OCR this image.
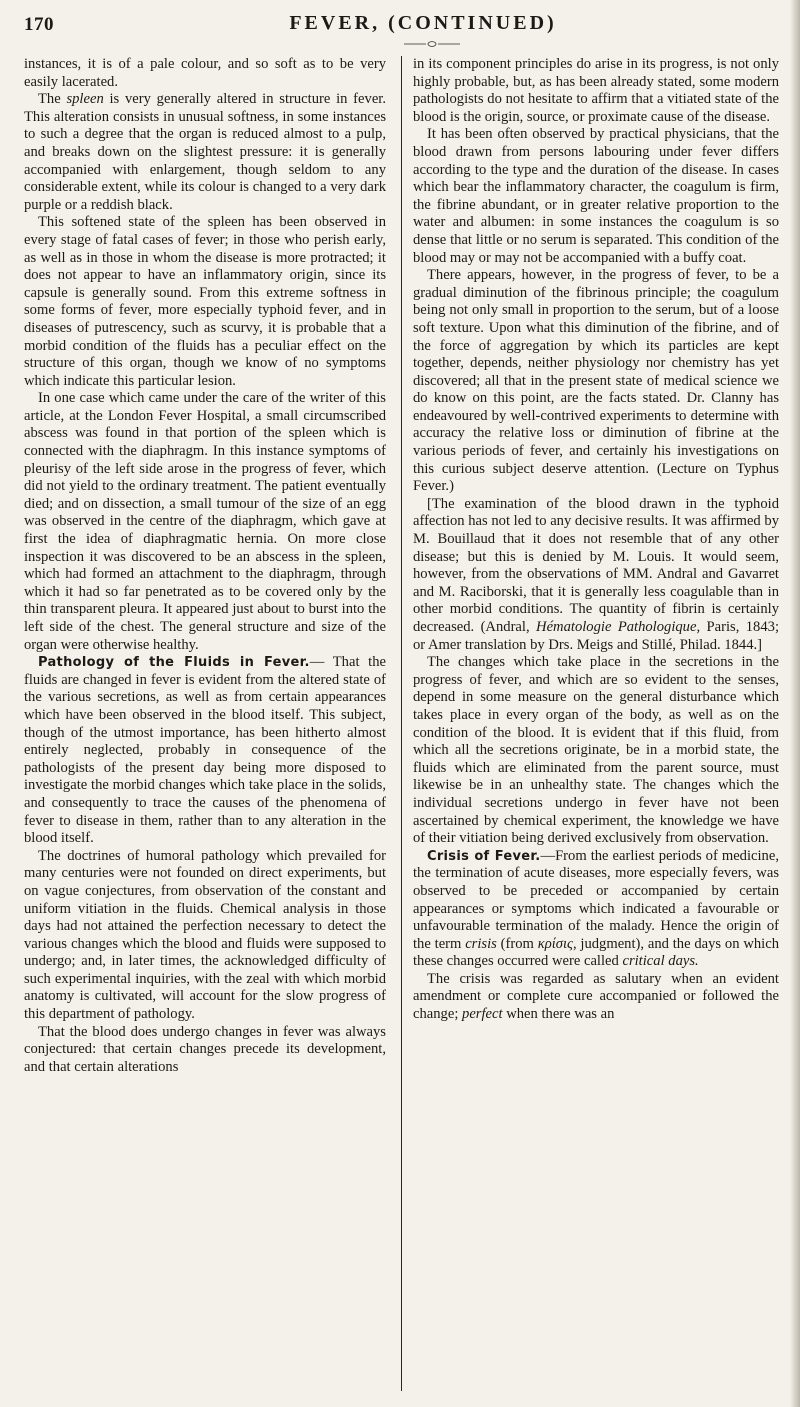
170	FEVER, (CONTINUED)

instances, it is of a pale colour, and so soft as to be very easily lacerated.

The spleen is very generally altered in structure in fever. This alteration consists in unusual softness, in some instances to such a degree that the organ is reduced almost to a pulp, and breaks down on the slightest pressure: it is generally accompanied with enlargement, though seldom to any considerable extent, while its colour is changed to a very dark purple or a reddish black.

This softened state of the spleen has been observed in every stage of fatal cases of fever; in those who perish early, as well as in those in whom the disease is more protracted; it does not appear to have an inflammatory origin, since its capsule is generally sound. From this extreme softness in some forms of fever, more especially typhoid fever, and in diseases of putrescency, such as scurvy, it is probable that a morbid condition of the fluids has a peculiar effect on the structure of this organ, though we know of no symptoms which indicate this particular lesion.

In one case which came under the care of the writer of this article, at the London Fever Hospital, a small circumscribed abscess was found in that portion of the spleen which is connected with the diaphragm. In this instance symptoms of pleurisy of the left side arose in the progress of fever, which did not yield to the ordinary treatment. The patient eventually died; and on dissection, a small tumour of the size of an egg was observed in the centre of the diaphragm, which gave at first the idea of diaphragmatic hernia. On more close inspection it was discovered to be an abscess in the spleen, which had formed an attachment to the diaphragm, through which it had so far penetrated as to be covered only by the thin transparent pleura. It appeared just about to burst into the left side of the chest. The general structure and size of the organ were otherwise healthy.

Pathology of the Fluids in Fever.— That the fluids are changed in fever is evident from the altered state of the various secretions, as well as from certain appearances which have been observed in the blood itself. This subject, though of the utmost importance, has been hitherto almost entirely neglected, probably in consequence of the pathologists of the present day being more disposed to investigate the morbid changes which take place in the solids, and consequently to trace the causes of the phenomena of fever to disease in them, rather than to any alteration in the blood itself.

The doctrines of humoral pathology which prevailed for many centuries were not founded on direct experiments, but on vague conjectures, from observation of the constant and uniform vitiation in the fluids. Chemical analysis in those days had not attained the perfection necessary to detect the various changes which the blood and fluids were supposed to undergo; and, in later times, the acknowledged difficulty of such experimental inquiries, with the zeal with which morbid anatomy is cultivated, will account for the slow progress of this department of pathology.

That the blood does undergo changes in fever was always conjectured: that certain changes precede its development, and that certain alterations

in its component principles do arise in its progress, is not only highly probable, but, as has been already stated, some modern pathologists do not hesitate to affirm that a vitiated state of the blood is the origin, source, or proximate cause of the disease.

It has been often observed by practical physicians, that the blood drawn from persons labouring under fever differs according to the type and the duration of the disease. In cases which bear the inflammatory character, the coagulum is firm, the fibrine abundant, or in greater relative proportion to the water and albumen: in some instances the coagulum is so dense that little or no serum is separated. This condition of the blood may or may not be accompanied with a buffy coat.

There appears, however, in the progress of fever, to be a gradual diminution of the fibrinous principle; the coagulum being not only small in proportion to the serum, but of a loose soft texture. Upon what this diminution of the fibrine, and of the force of aggregation by which its particles are kept together, depends, neither physiology nor chemistry has yet discovered; all that in the present state of medical science we do know on this point, are the facts stated. Dr. Clanny has endeavoured by well-contrived experiments to determine with accuracy the relative loss or diminution of fibrine at the various periods of fever, and certainly his investigations on this curious subject deserve attention. (Lecture on Typhus Fever.)

[The examination of the blood drawn in the typhoid affection has not led to any decisive results. It was affirmed by M. Bouillaud that it does not resemble that of any other disease; but this is denied by M. Louis. It would seem, however, from the observations of MM. Andral and Gavarret and M. Raciborski, that it is generally less coagulable than in other morbid conditions. The quantity of fibrin is certainly decreased. (Andral, Hématologie Pathologique, Paris, 1843; or Amer translation by Drs. Meigs and Stillé, Philad. 1844.]

The changes which take place in the secretions in the progress of fever, and which are so evident to the senses, depend in some measure on the general disturbance which takes place in every organ of the body, as well as on the condition of the blood. It is evident that if this fluid, from which all the secretions originate, be in a morbid state, the fluids which are eliminated from the parent source, must likewise be in an unhealthy state. The changes which the individual secretions undergo in fever have not been ascertained by chemical experiment, the knowledge we have of their vitiation being derived exclusively from observation.

Crisis of Fever.—From the earliest periods of medicine, the termination of acute diseases, more especially fevers, was observed to be preceded or accompanied by certain appearances or symptoms which indicated a favourable or unfavourable termination of the malady. Hence the origin of the term crisis (from κρίσις, judgment), and the days on which these changes occurred were called critical days.

The crisis was regarded as salutary when an evident amendment or complete cure accompanied or followed the change; perfect when there was an
